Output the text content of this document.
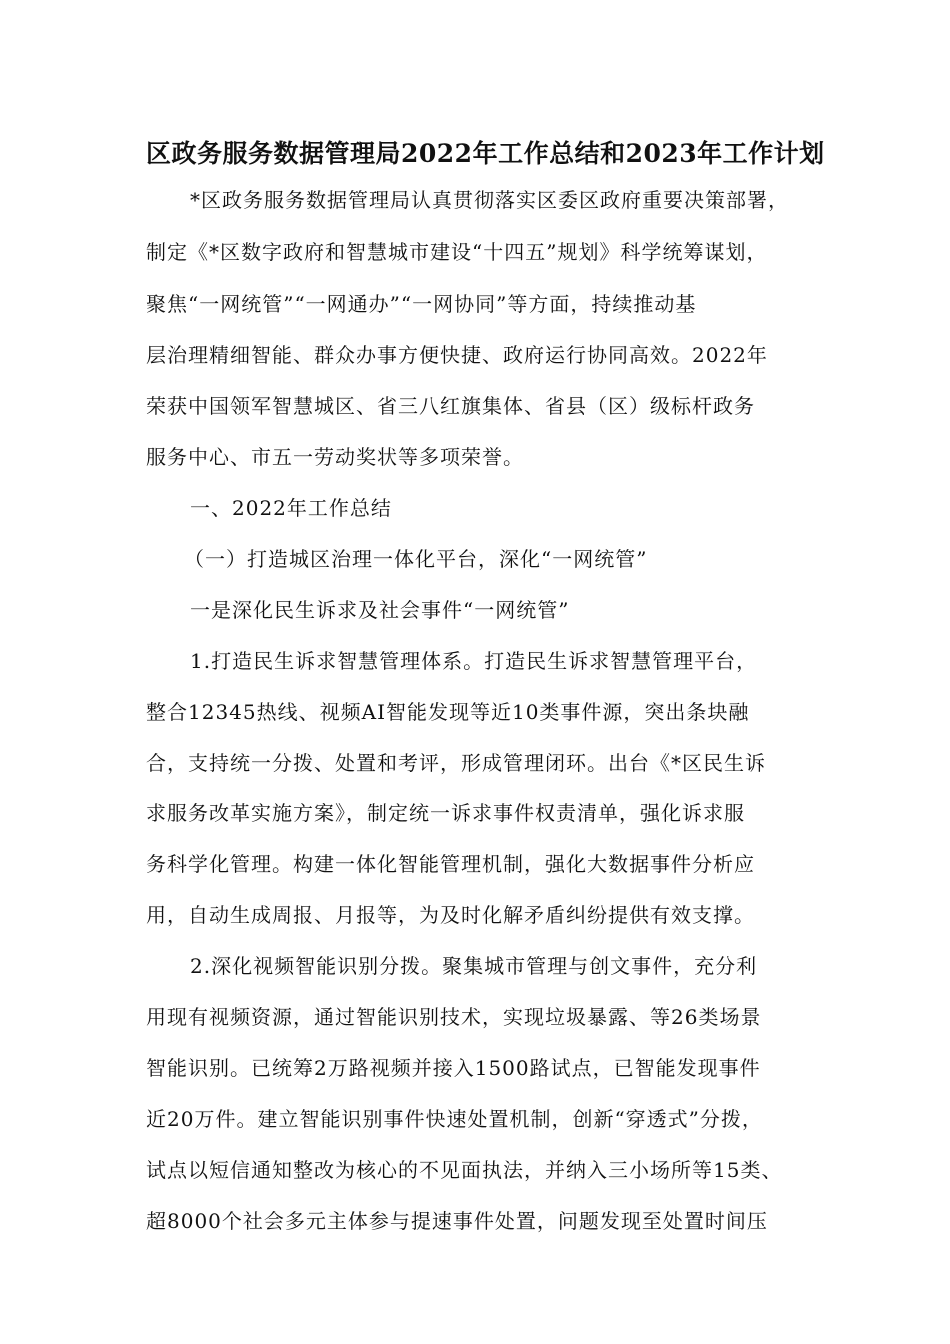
区政务服务数据管理局2022年工作总结和2023年工作计划
*区政务服务数据管理局认真贯彻落实区委区政府重要决策部署，
制定《*区数字政府和智慧城市建设“十四五”规划》科学统筹谋划，
聚焦“一网统管”“一网通办”“一网协同”等方面，持续推动基
层治理精细智能、群众办事方便快捷、政府运行协同高效。2022年
荣获中国领军智慧城区、省三八红旗集体、省县（区）级标杆政务
服务中心、市五一劳动奖状等多项荣誉。
一、2022年工作总结
（一）打造城区治理一体化平台，深化“一网统管”
一是深化民生诉求及社会事件“一网统管”
1.打造民生诉求智慧管理体系。打造民生诉求智慧管理平台，
整合12345热线、视频AI智能发现等近10类事件源，突出条块融
合，支持统一分拨、处置和考评，形成管理闭环。出台《*区民生诉
求服务改革实施方案》，制定统一诉求事件权责清单，强化诉求服
务科学化管理。构建一体化智能管理机制，强化大数据事件分析应
用，自动生成周报、月报等，为及时化解矛盾纠纷提供有效支撑。
2.深化视频智能识别分拨。聚集城市管理与创文事件，充分利
用现有视频资源，通过智能识别技术，实现垃圾暴露、等26类场景
智能识别。已统筹2万路视频并接入1500路试点，已智能发现事件
近20万件。建立智能识别事件快速处置机制，创新“穿透式”分拨，
试点以短信通知整改为核心的不见面执法，并纳入三小场所等15类、
超8000个社会多元主体参与提速事件处置，问题发现至处置时间压
